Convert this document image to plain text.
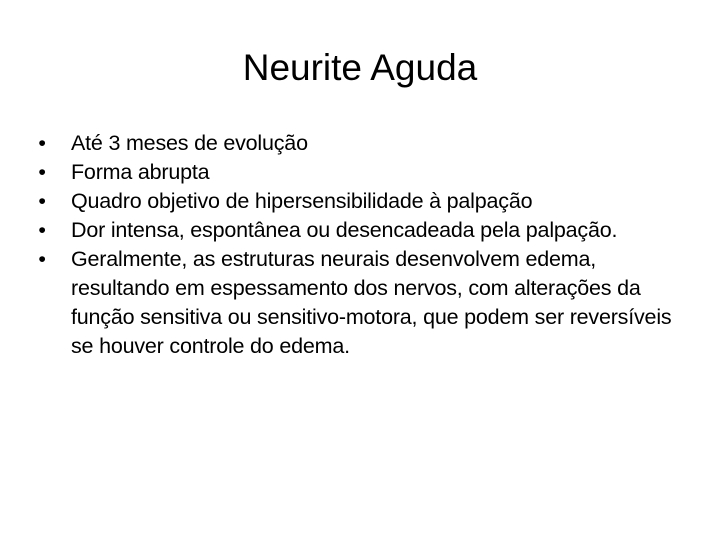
Neurite Aguda
• Até 3 meses de evolução
• Forma abrupta
• Quadro objetivo de hipersensibilidade à palpação
• Dor intensa, espontânea ou desencadeada pela palpação.
• Geralmente, as estruturas neurais desenvolvem edema, resultando em espessamento dos nervos, com alterações da função sensitiva ou sensitivo-motora, que podem ser reversíveis se houver controle do edema.
